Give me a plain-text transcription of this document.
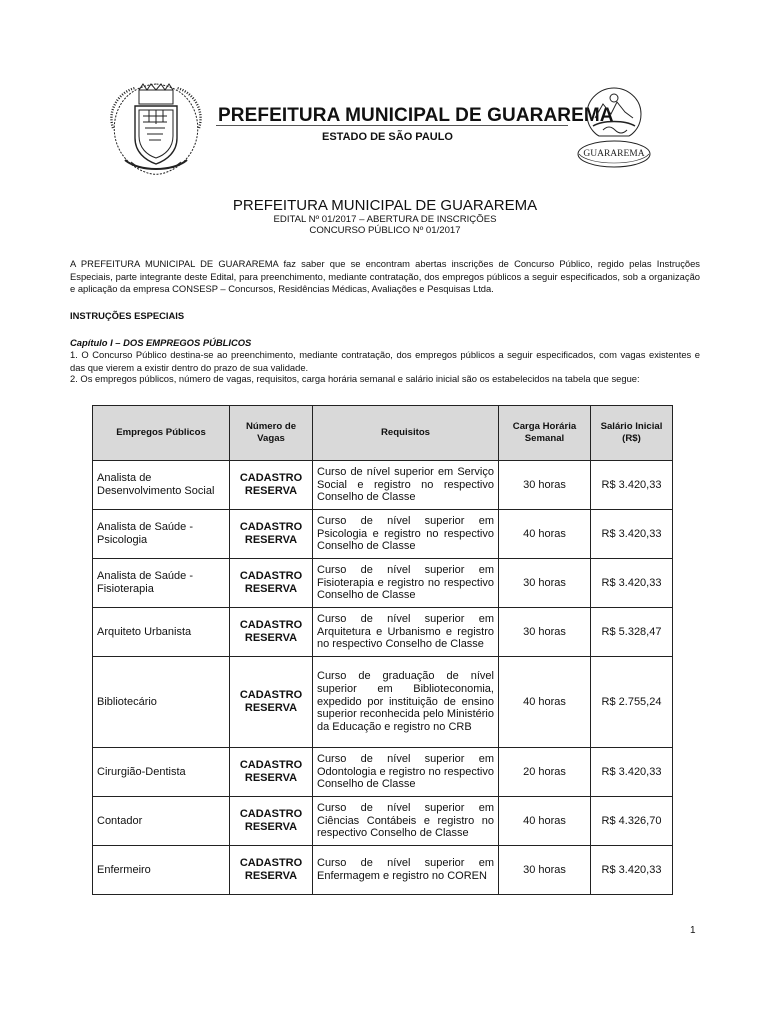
PREFEITURA MUNICIPAL DE GUARAREMA
ESTADO DE SÃO PAULO
GUARAREMA
PREFEITURA MUNICIPAL DE GUARAREMA
EDITAL Nº 01/2017 – ABERTURA DE INSCRIÇÕES
CONCURSO PÚBLICO Nº 01/2017
A PREFEITURA MUNICIPAL DE GUARAREMA faz saber que se encontram abertas inscrições de Concurso Público, regido pelas Instruções Especiais, parte integrante deste Edital, para preenchimento, mediante contratação, dos empregos públicos a seguir especificados, sob a organização e aplicação da empresa CONSESP – Concursos, Residências Médicas, Avaliações e Pesquisas Ltda.
INSTRUÇÕES ESPECIAIS
Capítulo I – DOS EMPREGOS PÚBLICOS
1. O Concurso Público destina-se ao preenchimento, mediante contratação, dos empregos públicos a seguir especificados, com vagas existentes e das que vierem a existir dentro do prazo de sua validade.
2. Os empregos públicos, número de vagas, requisitos, carga horária semanal e salário inicial são os estabelecidos na tabela que segue:
Empregos Públicos	Número de Vagas	Requisitos	Carga Horária Semanal	Salário Inicial (R$)
Analista de Desenvolvimento Social	CADASTRO RESERVA	Curso de nível superior em Serviço Social e registro no respectivo Conselho de Classe	30 horas	R$ 3.420,33
Analista de Saúde - Psicologia	CADASTRO RESERVA	Curso de nível superior em Psicologia e registro no respectivo Conselho de Classe	40 horas	R$ 3.420,33
Analista de Saúde - Fisioterapia	CADASTRO RESERVA	Curso de nível superior em Fisioterapia e registro no respectivo Conselho de Classe	30 horas	R$ 3.420,33
Arquiteto Urbanista	CADASTRO RESERVA	Curso de nível superior em Arquitetura e Urbanismo e registro no respectivo Conselho de Classe	30 horas	R$ 5.328,47
Bibliotecário	CADASTRO RESERVA	Curso de graduação de nível superior em Biblioteconomia, expedido por instituição de ensino superior reconhecida pelo Ministério da Educação e registro no CRB	40 horas	R$ 2.755,24
Cirurgião-Dentista	CADASTRO RESERVA	Curso de nível superior em Odontologia e registro no respectivo Conselho de Classe	20 horas	R$ 3.420,33
Contador	CADASTRO RESERVA	Curso de nível superior em Ciências Contábeis e registro no respectivo Conselho de Classe	40 horas	R$ 4.326,70
Enfermeiro	CADASTRO RESERVA	Curso de nível superior em Enfermagem e registro no COREN	30 horas	R$ 3.420,33
1
